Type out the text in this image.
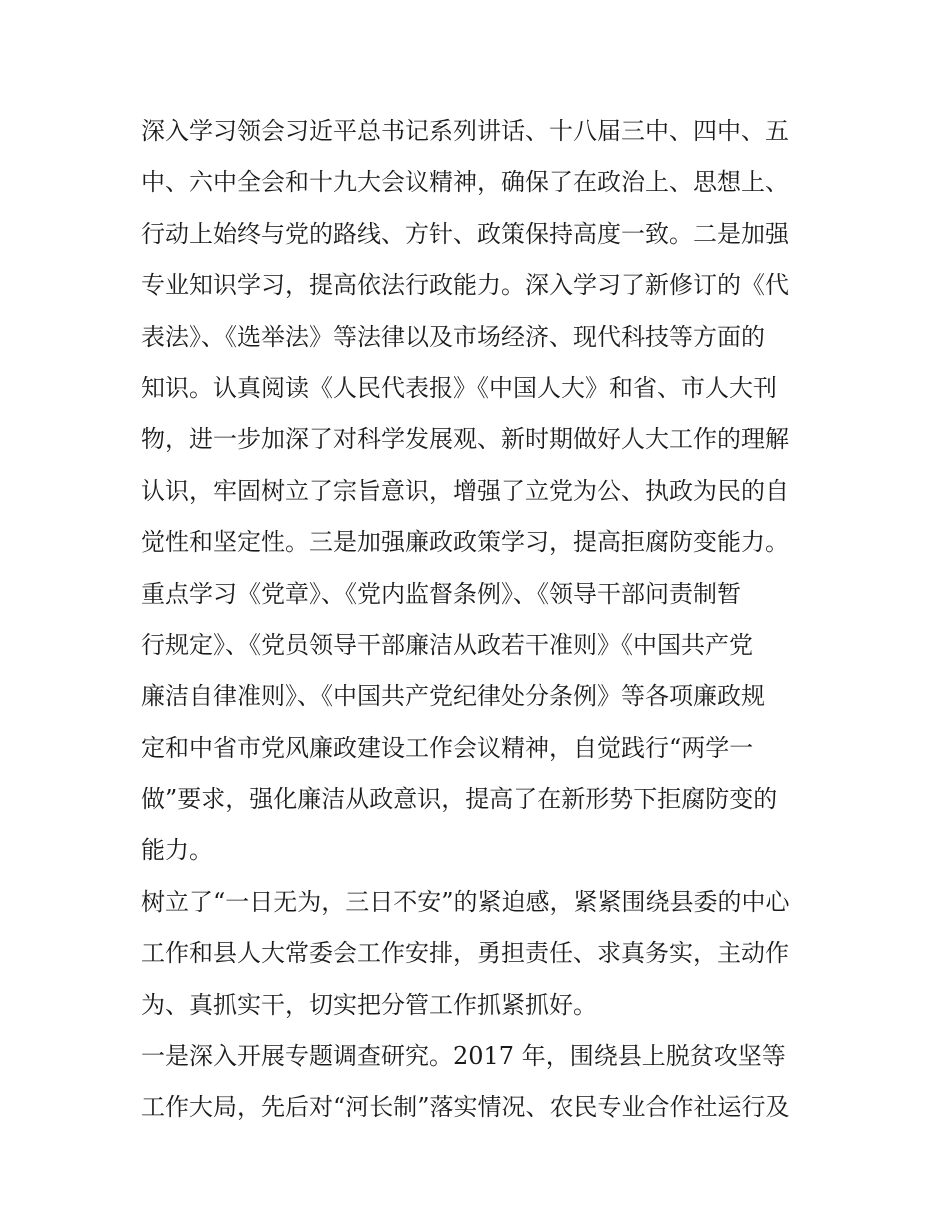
深入学习领会习近平总书记系列讲话、十八届三中、四中、五
中、六中全会和十九大会议精神，确保了在政治上、思想上、
行动上始终与党的路线、方针、政策保持高度一致。二是加强
专业知识学习，提高依法行政能力。深入学习了新修订的《代
表法》、《选举法》等法律以及市场经济、现代科技等方面的
知识。认真阅读《人民代表报》《中国人大》和省、市人大刊
物，进一步加深了对科学发展观、新时期做好人大工作的理解
认识，牢固树立了宗旨意识，增强了立党为公、执政为民的自
觉性和坚定性。三是加强廉政政策学习，提高拒腐防变能力。
重点学习《党章》、《党内监督条例》、《领导干部问责制暂
行规定》、《党员领导干部廉洁从政若干准则》《中国共产党
廉洁自律准则》、《中国共产党纪律处分条例》等各项廉政规
定和中省市党风廉政建设工作会议精神，自觉践行“两学一
做”要求，强化廉洁从政意识，提高了在新形势下拒腐防变的
能力。
树立了“一日无为，三日不安”的紧迫感，紧紧围绕县委的中心
工作和县人大常委会工作安排，勇担责任、求真务实，主动作
为、真抓实干，切实把分管工作抓紧抓好。
一是深入开展专题调查研究。2017 年，围绕县上脱贫攻坚等
工作大局，先后对“河长制”落实情况、农民专业合作社运行及
